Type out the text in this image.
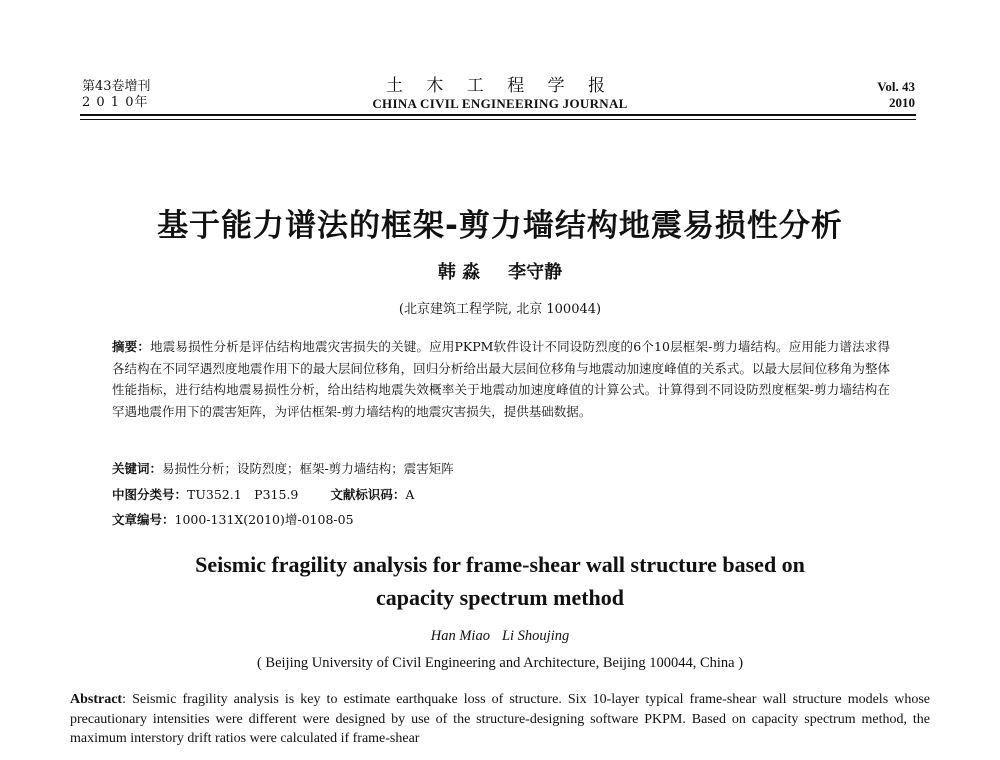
第43卷增刊
2 0 1 0年
土 木 工 程 学 报
CHINA CIVIL ENGINEERING JOURNAL
Vol. 43
2010
基于能力谱法的框架-剪力墙结构地震易损性分析
韩 淼 李守静
(北京建筑工程学院, 北京 100044)
摘要：地震易损性分析是评估结构地震灾害损失的关键。应用PKPM软件设计不同设防烈度的6个10层框架-剪力墙结构。应用能力谱法求得各结构在不同罕遇烈度地震作用下的最大层间位移角，回归分析给出最大层间位移角与地震动加速度峰值的关系式。以最大层间位移角为整体性能指标，进行结构地震易损性分析，给出结构地震失效概率关于地震动加速度峰值的计算公式。计算得到不同设防烈度框架-剪力墙结构在罕遇地震作用下的震害矩阵，为评估框架-剪力墙结构的地震灾害损失，提供基础数据。
关键词：易损性分析；设防烈度；框架-剪力墙结构；震害矩阵
中图分类号：TU352.1　P315.9	文献标识码：A
文章编号：1000-131X(2010)增-0108-05
Seismic fragility analysis for frame-shear wall structure based on
capacity spectrum method
Han Miao Li Shoujing
( Beijing University of Civil Engineering and Architecture, Beijing 100044, China )
Abstract: Seismic fragility analysis is key to estimate earthquake loss of structure. Six 10-layer typical frame-shear wall structure models whose precautionary intensities were different were designed by use of the structure-designing software PKPM. Based on capacity spectrum method, the maximum interstory drift ratios were calculated if frame-shear
